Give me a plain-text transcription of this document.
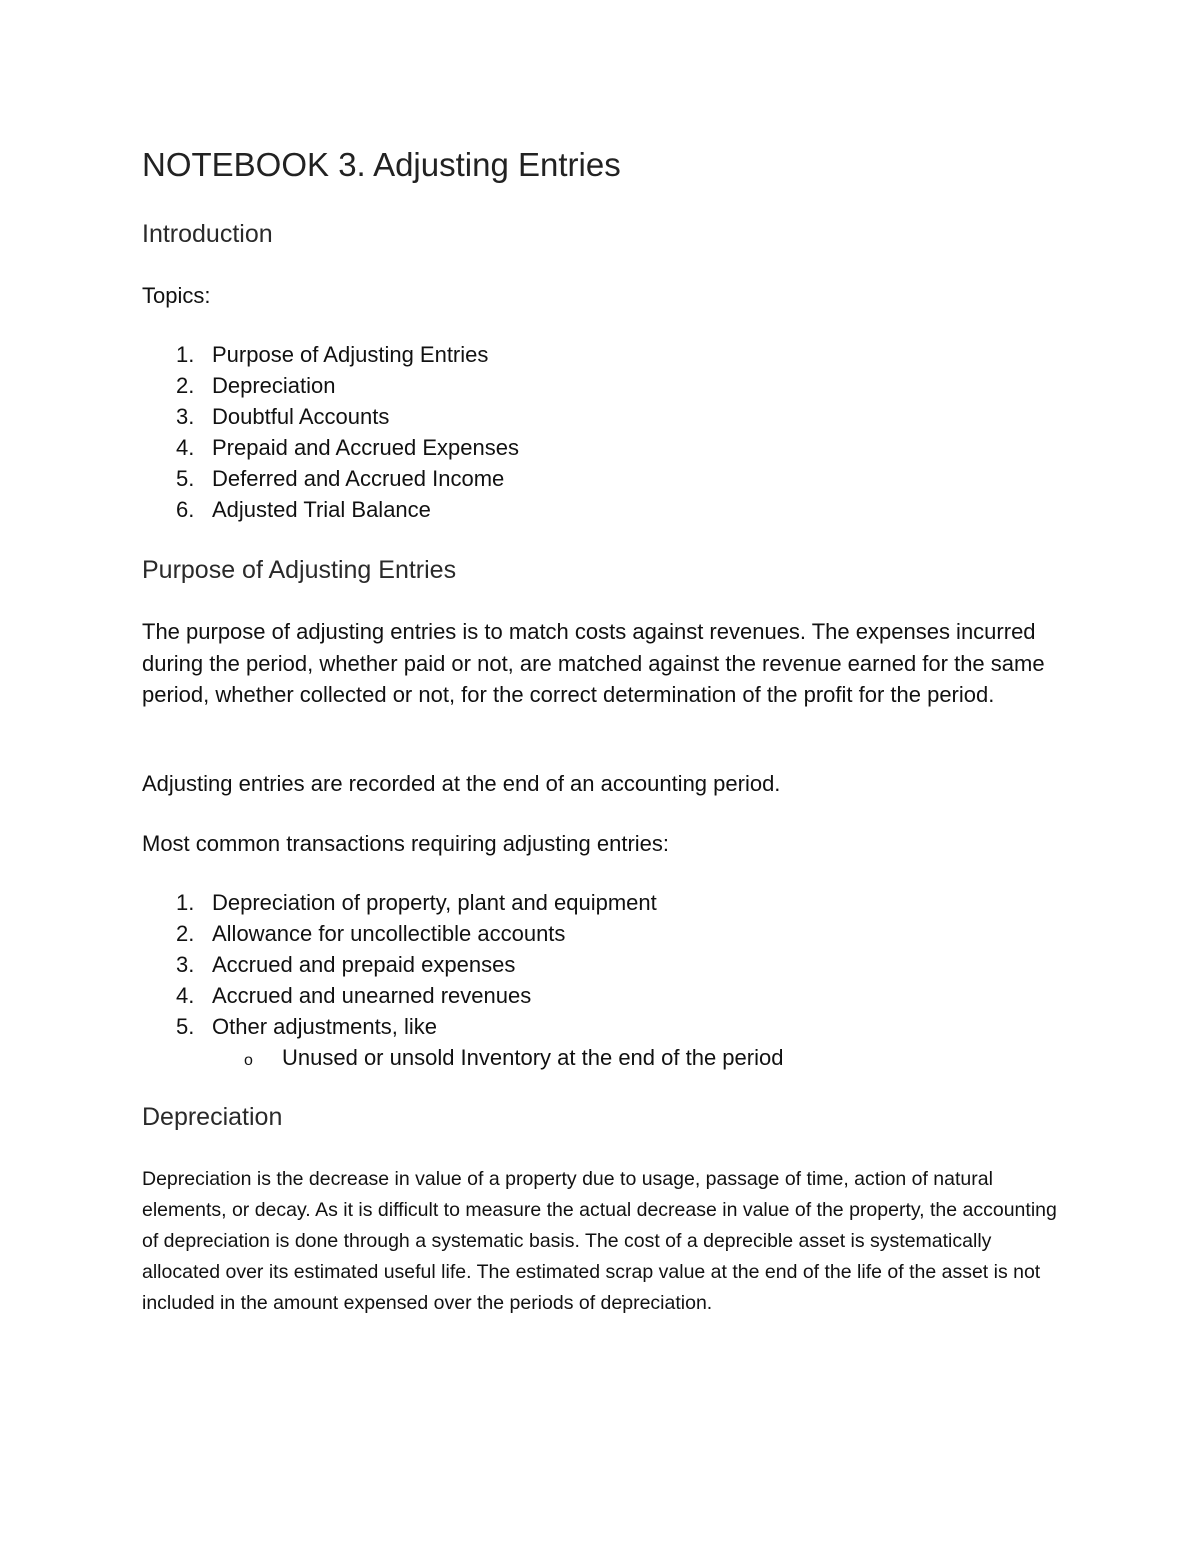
NOTEBOOK 3. Adjusting Entries
Introduction
Topics:
1. Purpose of Adjusting Entries
2. Depreciation
3. Doubtful Accounts
4. Prepaid and Accrued Expenses
5. Deferred and Accrued Income
6. Adjusted Trial Balance
Purpose of Adjusting Entries

The purpose of adjusting entries is to match costs against revenues. The expenses incurred during the period, whether paid or not, are matched against the revenue earned for the same period, whether collected or not, for the correct determination of the profit for the period.

Adjusting entries are recorded at the end of an accounting period.

Most common transactions requiring adjusting entries:

1. Depreciation of property, plant and equipment
2. Allowance for uncollectible accounts
3. Accrued and prepaid expenses
4. Accrued and unearned revenues
5. Other adjustments, like
o Unused or unsold Inventory at the end of the period
Depreciation

Depreciation is the decrease in value of a property due to usage, passage of time, action of natural elements, or decay. As it is difficult to measure the actual decrease in value of the property, the accounting of depreciation is done through a systematic basis. The cost of a deprecible asset is systematically allocated over its estimated useful life. The estimated scrap value at the end of the life of the asset is not included in the amount expensed over the periods of depreciation.
